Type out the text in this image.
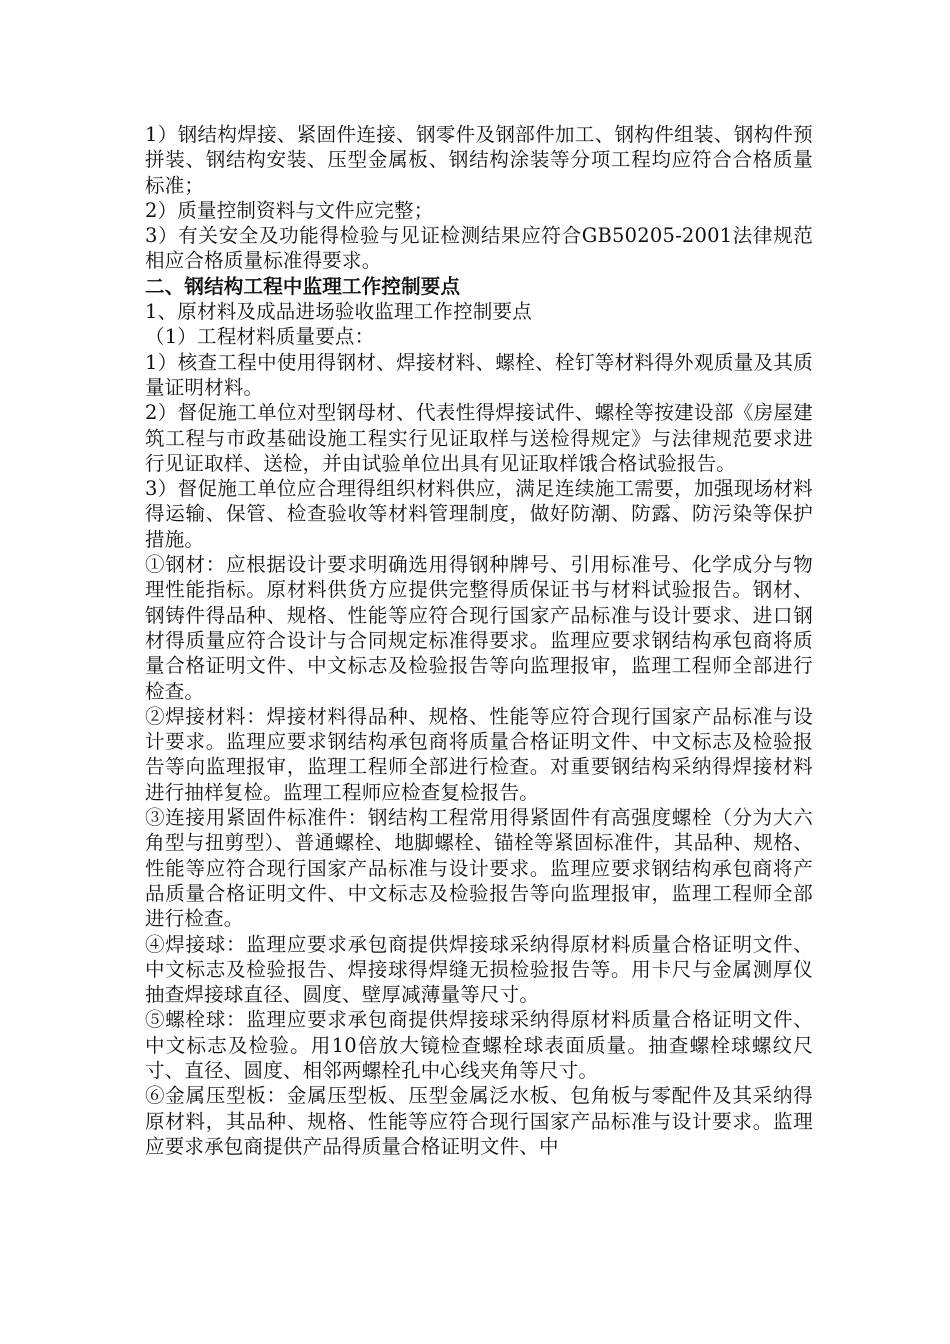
1）钢结构焊接、紧固件连接、钢零件及钢部件加工、钢构件组装、钢构件预拼装、钢结构安装、压型金属板、钢结构涂装等分项工程均应符合合格质量标准；

2）质量控制资料与文件应完整；

3）有关安全及功能得检验与见证检测结果应符合GB50205-2001法律规范相应合格质量标准得要求。

二、钢结构工程中监理工作控制要点

1、原材料及成品进场验收监理工作控制要点

（1）工程材料质量要点：

1）核查工程中使用得钢材、焊接材料、螺栓、栓钉等材料得外观质量及其质量证明材料。

2）督促施工单位对型钢母材、代表性得焊接试件、螺栓等按建设部《房屋建筑工程与市政基础设施工程实行见证取样与送检得规定》与法律规范要求进行见证取样、送检，并由试验单位出具有见证取样饿合格试验报告。

3）督促施工单位应合理得组织材料供应，满足连续施工需要，加强现场材料得运输、保管、检查验收等材料管理制度，做好防潮、防露、防污染等保护措施。

①钢材：应根据设计要求明确选用得钢种牌号、引用标准号、化学成分与物理性能指标。原材料供货方应提供完整得质保证书与材料试验报告。钢材、钢铸件得品种、规格、性能等应符合现行国家产品标准与设计要求、进口钢材得质量应符合设计与合同规定标准得要求。监理应要求钢结构承包商将质量合格证明文件、中文标志及检验报告等向监理报审，监理工程师全部进行检查。

②焊接材料：焊接材料得品种、规格、性能等应符合现行国家产品标准与设计要求。监理应要求钢结构承包商将质量合格证明文件、中文标志及检验报告等向监理报审，监理工程师全部进行检查。对重要钢结构采纳得焊接材料进行抽样复检。监理工程师应检查复检报告。

③连接用紧固件标准件：钢结构工程常用得紧固件有高强度螺栓（分为大六角型与扭剪型）、普通螺栓、地脚螺栓、锚栓等紧固标准件，其品种、规格、性能等应符合现行国家产品标准与设计要求。监理应要求钢结构承包商将产品质量合格证明文件、中文标志及检验报告等向监理报审，监理工程师全部进行检查。

④焊接球：监理应要求承包商提供焊接球采纳得原材料质量合格证明文件、中文标志及检验报告、焊接球得焊缝无损检验报告等。用卡尺与金属测厚仪抽查焊接球直径、圆度、壁厚减薄量等尺寸。

⑤螺栓球：监理应要求承包商提供焊接球采纳得原材料质量合格证明文件、中文标志及检验。用10倍放大镜检查螺栓球表面质量。抽查螺栓球螺纹尺寸、直径、圆度、相邻两螺栓孔中心线夹角等尺寸。

⑥金属压型板：金属压型板、压型金属泛水板、包角板与零配件及其采纳得原材料，其品种、规格、性能等应符合现行国家产品标准与设计要求。监理应要求承包商提供产品得质量合格证明文件、中
